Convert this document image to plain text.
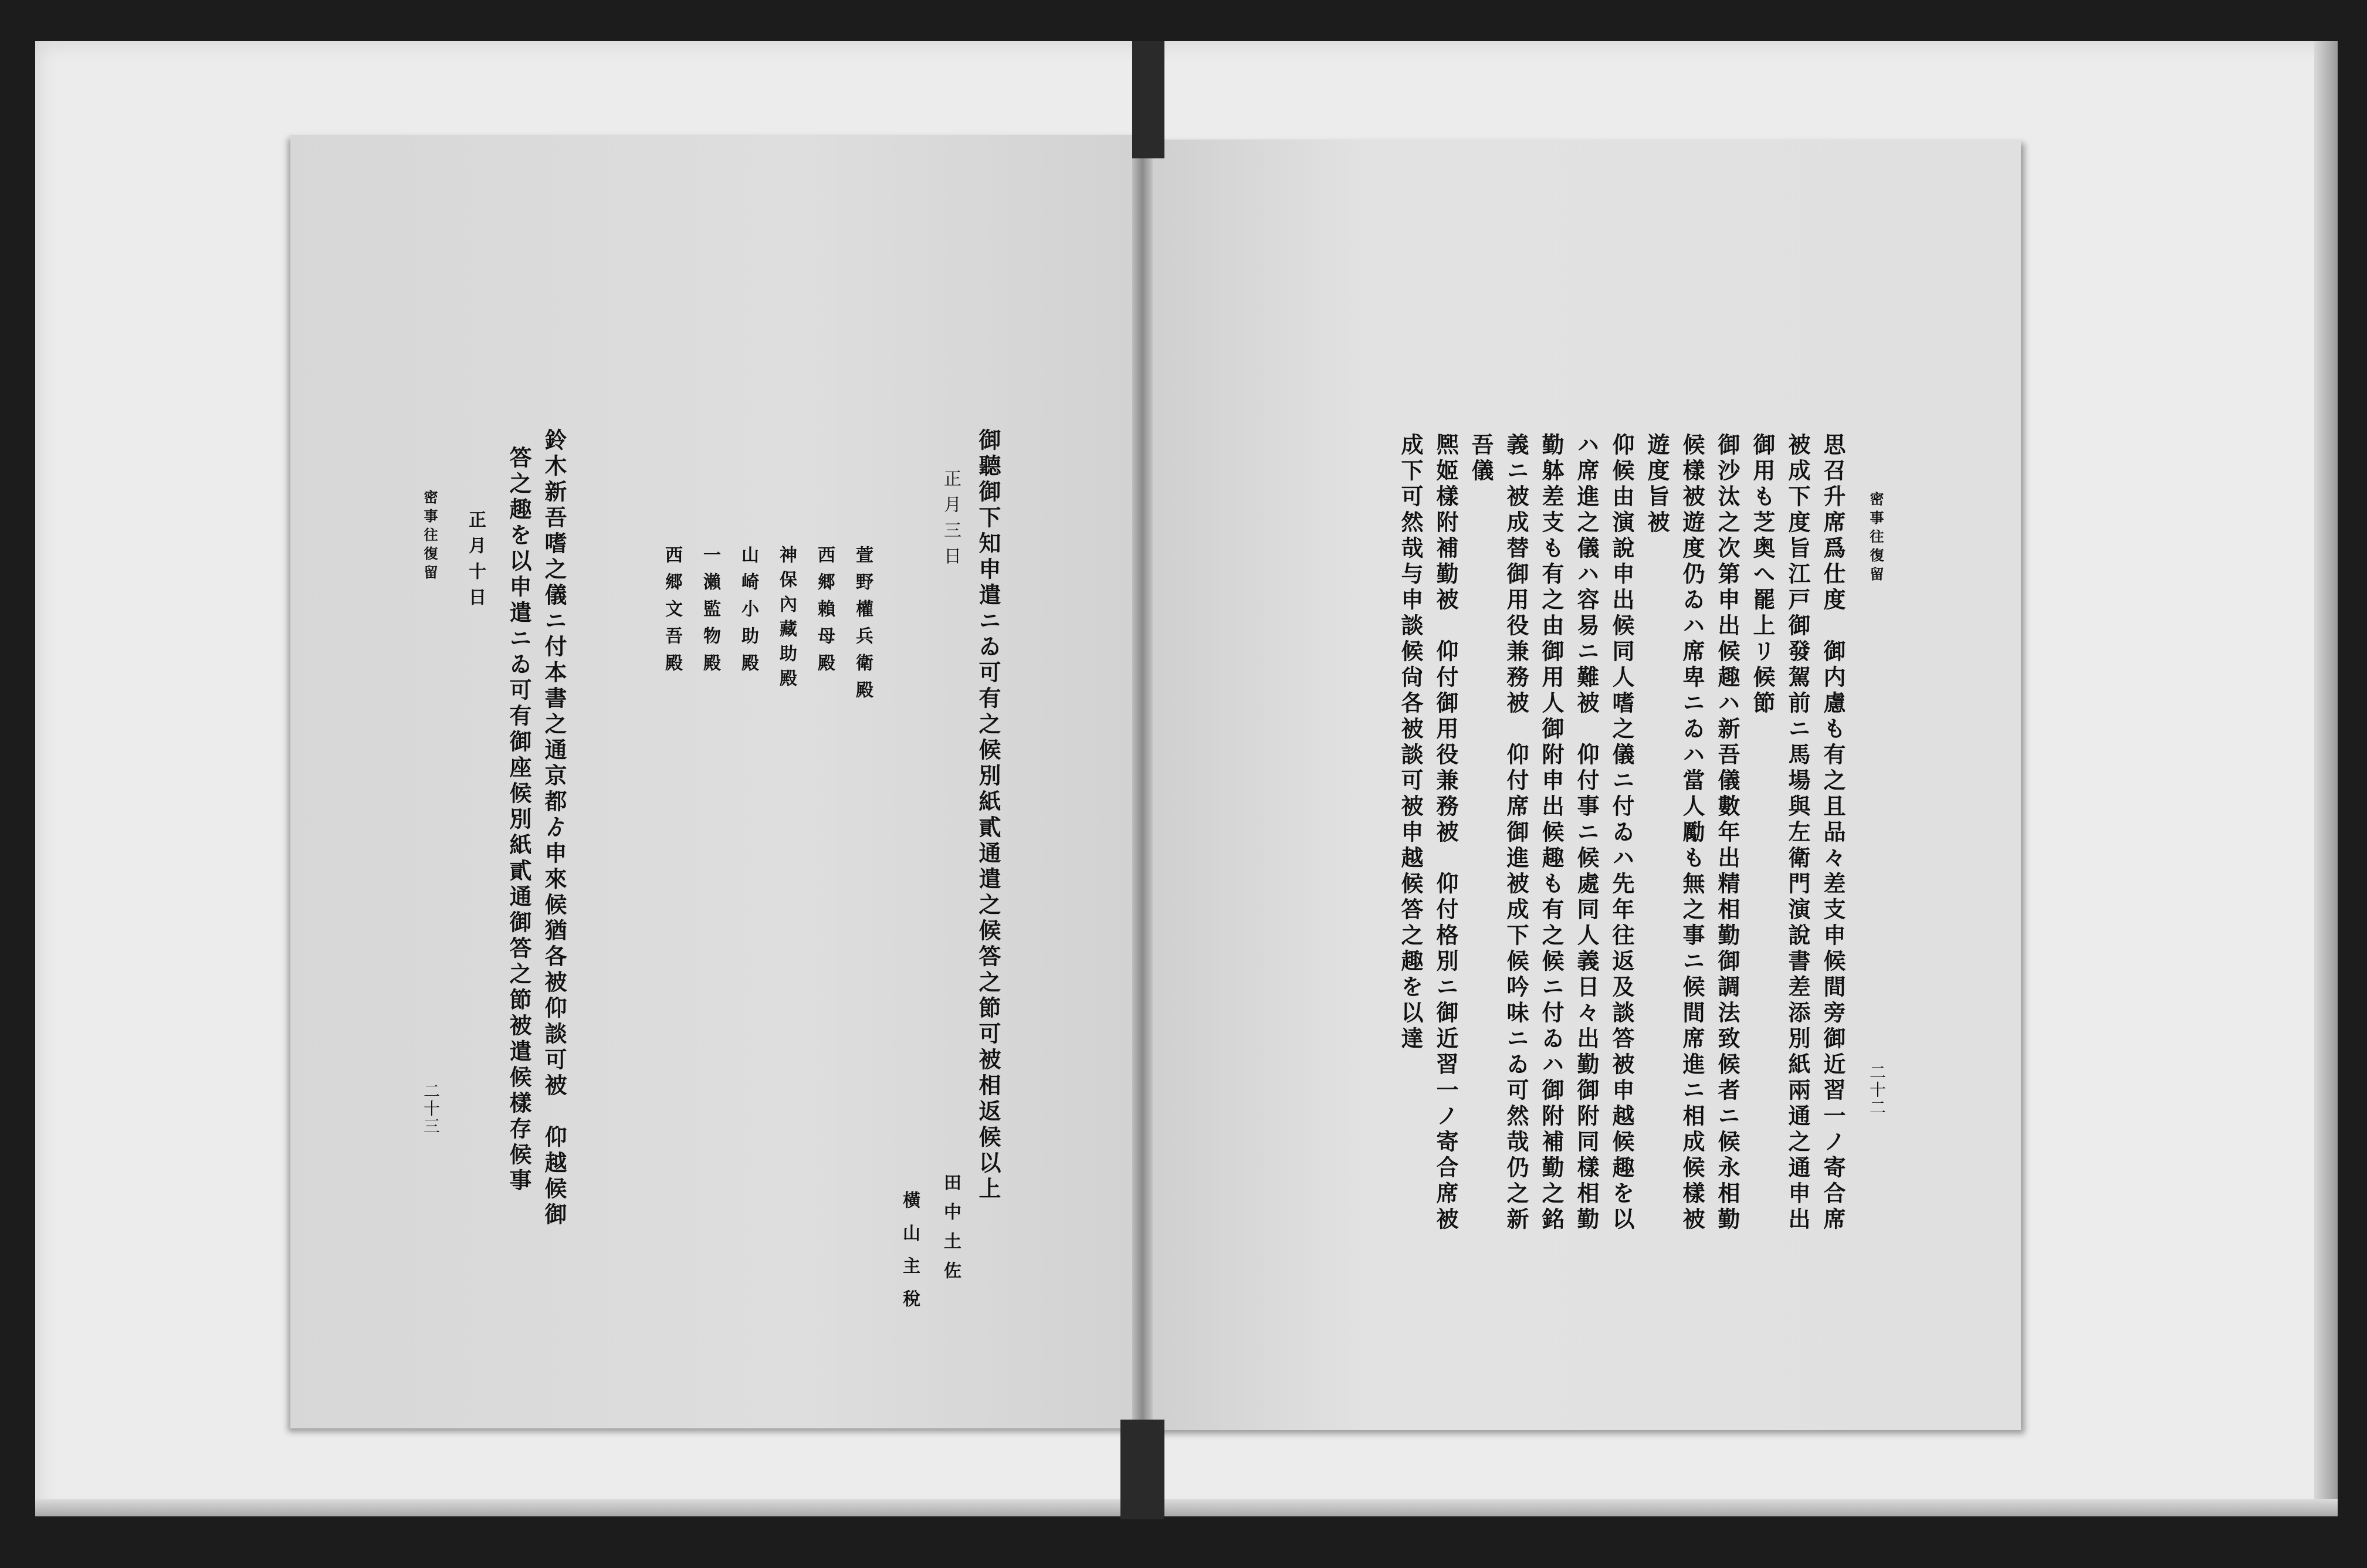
御聽御下知申遣ニゐ可有之候別紙貳通遣之候答之節可被相返候以上
正月三日
田中土佐
橫山主稅
萱野權兵衛殿
西郷賴母殿
神保內藏助殿
山崎小助殿
一瀨監物殿
西郷文吾殿
鈴木新吾嗜之儀ニ付本書之通京都ゟ申來候猶各被仰談可被　仰越候御
答之趣を以申遣ニゐ可有御座候別紙貳通御答之節被遣候樣存候事
正月十日
密事往復留
二十三
密事往復留
二十二
思召升席爲仕度　御内慮も有之且品々差支申候間旁御近習一ノ寄合席
被成下度旨江戸御發駕前ニ馬場與左衛門演說書差添別紙兩通之通申出
御用も芝奥へ罷上リ候節
御沙汰之次第申出候趣ハ新吾儀數年出精相勤御調法致候者ニ候永相勤
候樣被遊度仍ゐハ席卑ニゐハ當人勵も無之事ニ候間席進ニ相成候樣被
遊度旨被
仰候由演說申出候同人嗜之儀ニ付ゐハ先年往返及談答被申越候趣を以
ハ席進之儀ハ容易ニ難被　仰付事ニ候處同人義日々出勤御附同樣相勤
勤躰差支も有之由御用人御附申出候趣も有之候ニ付ゐハ御附補勤之銘
義ニ被成替御用役兼務被　仰付席御進被成下候吟味ニゐ可然哉仍之新
吾儀
熈姬樣附補勤被　仰付御用役兼務被　仰付格別ニ御近習一ノ寄合席被
成下可然哉与申談候尙各被談可被申越候答之趣を以達
